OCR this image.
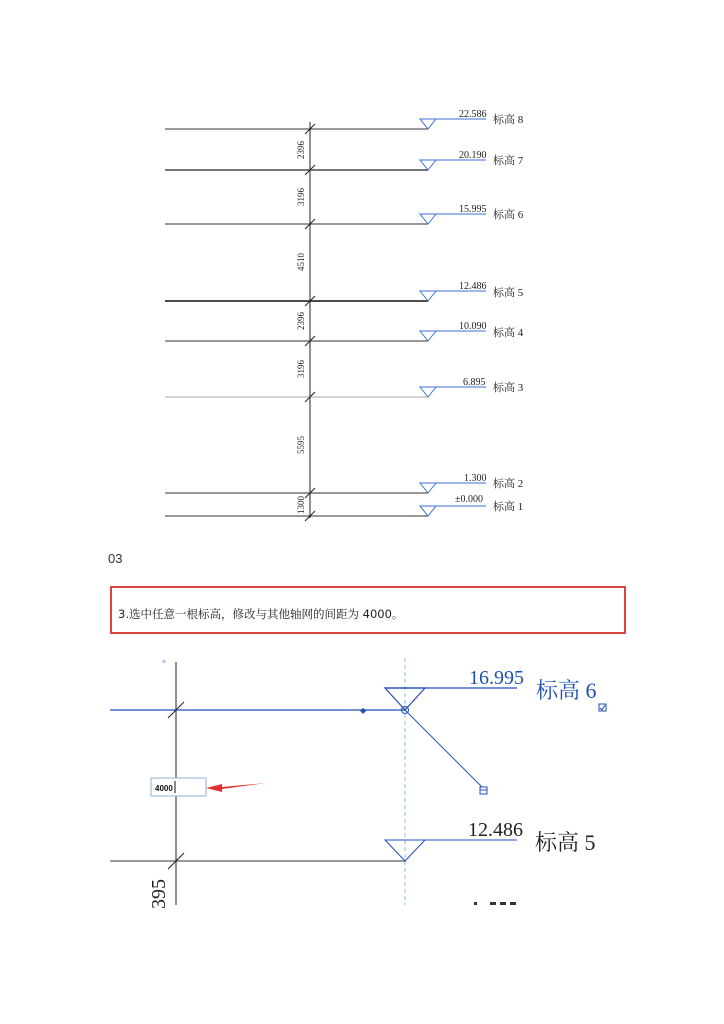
22.586 标高 8
20.190 标高 7
15.995 标高 6
12.486
标高 5
10.090
标高 4
6.895 标高 3
1.300 标高 2
±0.000
标高 1
2396
3196
4510
2396
3196
5595
1300
03
3.选中任意一根标高，修改与其他轴网的间距为 4000。
≡
◆
16.995 标高 6
4000
12.486 标高 5
395
